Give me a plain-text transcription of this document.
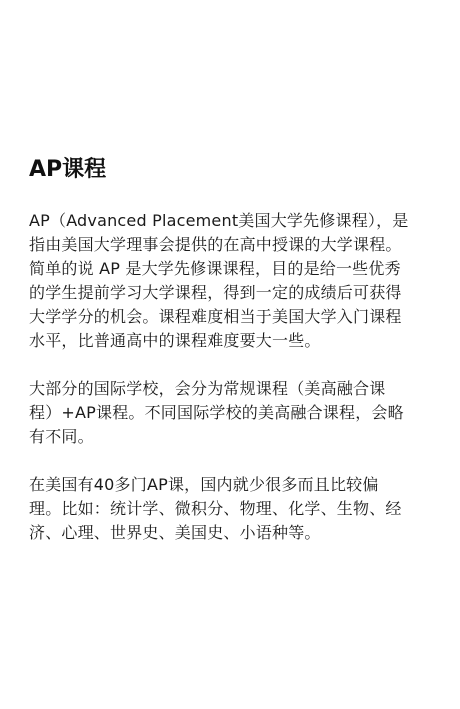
AP课程
AP（Advanced Placement美国大学先修课程），是
指由美国大学理事会提供的在高中授课的大学课程。
简单的说 AP 是大学先修课课程，目的是给一些优秀
的学生提前学习大学课程，得到一定的成绩后可获得
大学学分的机会。课程难度相当于美国大学入门课程
水平，比普通高中的课程难度要大一些。
大部分的国际学校，会分为常规课程（美高融合课
程）+AP课程。不同国际学校的美高融合课程，会略
有不同。
在美国有40多门AP课，国内就少很多而且比较偏
理。比如：统计学、微积分、物理、化学、生物、经
济、心理、世界史、美国史、小语种等。
